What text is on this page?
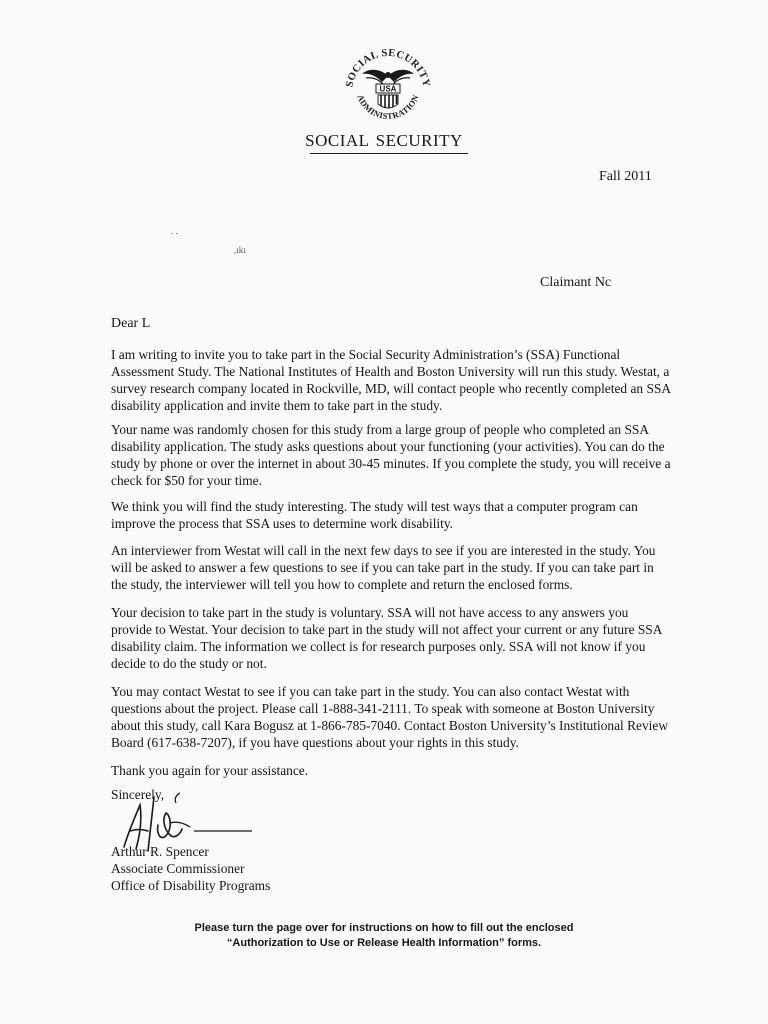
SOCIAL SECURITY
ADMINISTRATION
USA
SOCIAL SECURITY
Fall 2011
. .
,ıkı
Claimant Nc
Dear L

I am writing to invite you to take part in the Social Security Administration’s (SSA) Functional Assessment Study. The National Institutes of Health and Boston University will run this study. Westat, a survey research company located in Rockville, MD, will contact people who recently completed an SSA disability application and invite them to take part in the study.

Your name was randomly chosen for this study from a large group of people who completed an SSA disability application. The study asks questions about your functioning (your activities). You can do the study by phone or over the internet in about 30-45 minutes. If you complete the study, you will receive a check for $50 for your time.

We think you will find the study interesting. The study will test ways that a computer program can improve the process that SSA uses to determine work disability.

An interviewer from Westat will call in the next few days to see if you are interested in the study. You will be asked to answer a few questions to see if you can take part in the study. If you can take part in the study, the interviewer will tell you how to complete and return the enclosed forms.

Your decision to take part in the study is voluntary. SSA will not have access to any answers you provide to Westat. Your decision to take part in the study will not affect your current or any future SSA disability claim. The information we collect is for research purposes only. SSA will not know if you decide to do the study or not.

You may contact Westat to see if you can take part in the study. You can also contact Westat with questions about the project. Please call 1-888-341-2111. To speak with someone at Boston University about this study, call Kara Bogusz at 1-866-785-7040. Contact Boston University’s Institutional Review Board (617-638-7207), if you have questions about your rights in this study.

Thank you again for your assistance.

Sincerely,
Arthur R. Spencer
Associate Commissioner
Office of Disability Programs
Please turn the page over for instructions on how to fill out the enclosed
“Authorization to Use or Release Health Information” forms.
